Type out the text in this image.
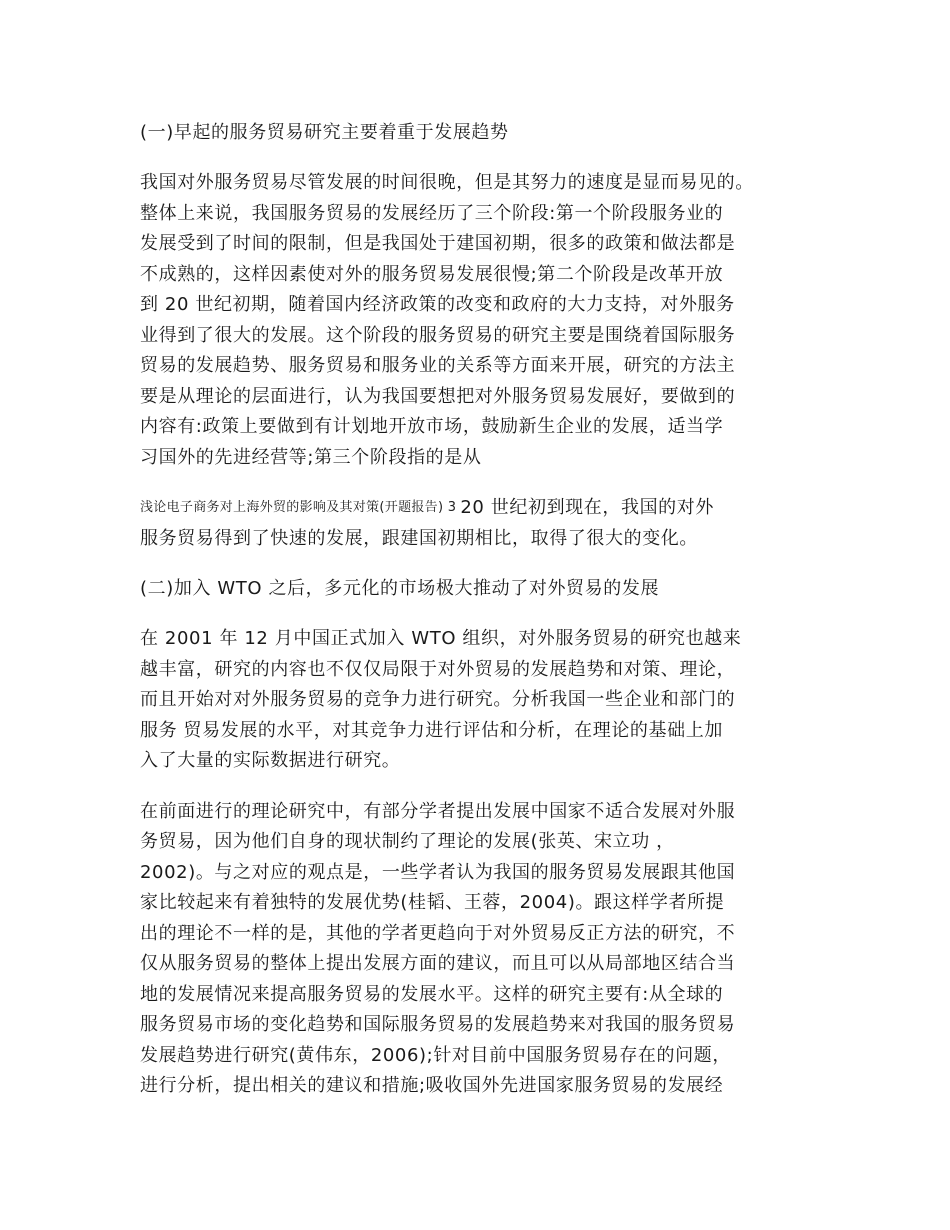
(一)早起的服务贸易研究主要着重于发展趋势
我国对外服务贸易尽管发展的时间很晚，但是其努力的速度是显而易见的。
整体上来说，我国服务贸易的发展经历了三个阶段:第一个阶段服务业的
发展受到了时间的限制，但是我国处于建国初期，很多的政策和做法都是
不成熟的，这样因素使对外的服务贸易发展很慢;第二个阶段是改革开放
到 20 世纪初期，随着国内经济政策的改变和政府的大力支持，对外服务
业得到了很大的发展。这个阶段的服务贸易的研究主要是围绕着国际服务
贸易的发展趋势、服务贸易和服务业的关系等方面来开展，研究的方法主
要是从理论的层面进行，认为我国要想把对外服务贸易发展好，要做到的
内容有:政策上要做到有计划地开放市场，鼓励新生企业的发展，适当学
习国外的先进经营等;第三个阶段指的是从
浅论电子商务对上海外贸的影响及其对策(开题报告) 3 20 世纪初到现在，我国的对外
服务贸易得到了快速的发展，跟建国初期相比，取得了很大的变化。
(二)加入 WTO 之后，多元化的市场极大推动了对外贸易的发展
在 2001 年 12 月中国正式加入 WTO 组织，对外服务贸易的研究也越来
越丰富，研究的内容也不仅仅局限于对外贸易的发展趋势和对策、理论，
而且开始对对外服务贸易的竞争力进行研究。分析我国一些企业和部门的
服务 贸易发展的水平，对其竞争力进行评估和分析，在理论的基础上加
入了大量的实际数据进行研究。
在前面进行的理论研究中，有部分学者提出发展中国家不适合发展对外服
务贸易，因为他们自身的现状制约了理论的发展(张英、宋立功 ，
2002)。与之对应的观点是，一些学者认为我国的服务贸易发展跟其他国
家比较起来有着独特的发展优势(桂韬、王蓉，2004)。跟这样学者所提
出的理论不一样的是，其他的学者更趋向于对外贸易反正方法的研究，不
仅从服务贸易的整体上提出发展方面的建议，而且可以从局部地区结合当
地的发展情况来提高服务贸易的发展水平。这样的研究主要有:从全球的
服务贸易市场的变化趋势和国际服务贸易的发展趋势来对我国的服务贸易
发展趋势进行研究(黄伟东，2006);针对目前中国服务贸易存在的问题，
进行分析，提出相关的建议和措施;吸收国外先进国家服务贸易的发展经
